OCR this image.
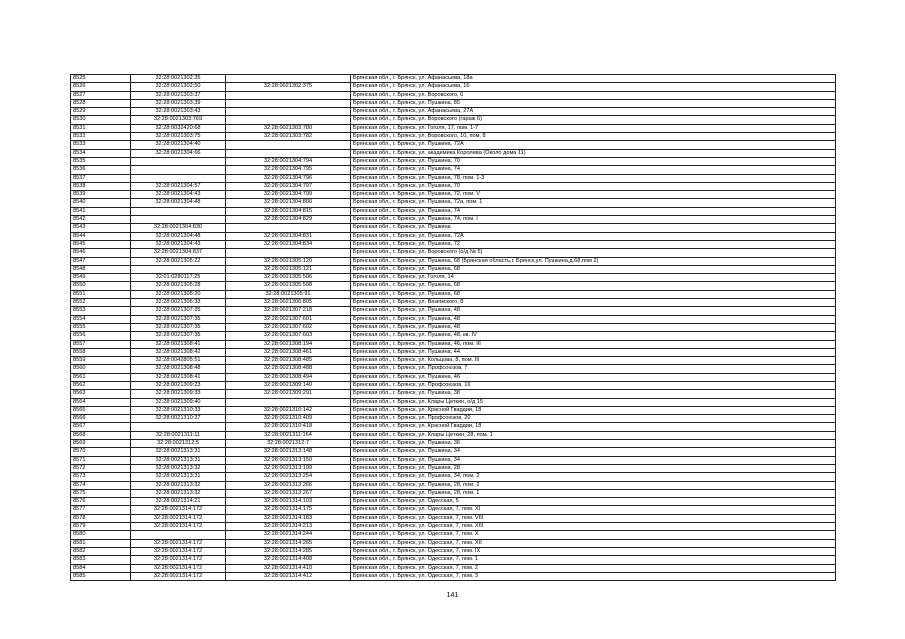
8525	32:28:0021302:35		Брянская обл., г. Брянск, ул. Афанасьева, 18а
8526	32:28:0021302:50	32:28:0021302:375	Брянская обл., г. Брянск, ул. Афанасьева, 16
8527	32:28:0021303:37		Брянская обл., г. Брянск, ул. Воровского, 6
8528	32:28:0021303:39		Брянская обл., г. Брянск, ул. Пушкина, 85
8529	32:28:0021303:43		Брянская обл., г. Брянск, ул. Афанасьева, 27А
8530	32:28:0021303:769		Брянская обл., г. Брянск, ул. Воровского (гараж 6)
8531	32:28:0032420:68	32:28:0021303:780	Брянская обл., г. Брянск, ул. Гоголя, 17, пом. 1-7
8532	32:28:0021303:75	32:28:0021303:782	Брянская обл., г. Брянск, ул. Воровского, 10, пом. 8
8533	32:28:0021304:40		Брянская обл., г. Брянск, ул. Пушкина, 72А
8534	32:28:0021304:66		Брянская обл., г. Брянск, ул. академика Королева (Около дома 11)
8535		32:28:0021304:794	Брянская обл., г. Брянск, ул. Пушкина, 70
8536		32:28:0021304:795	Брянская обл., г. Брянск, ул. Пушкина, 74
8537		32:28:0021304:796	Брянская обл., г. Брянск, ул. Пушкина, 78, пом. 1-3
8538	32:28:0021304:57	32:28:0021304:797	Брянская обл., г. Брянск, ул. Пушкина, 70
8539	32:28:0021304:43	32:28:0021304:799	Брянская обл., г. Брянск, ул. Пушкина, 72, пом. V
8540	32:28:0021304:48	32:28:0021304:800	Брянская обл., г. Брянск, ул. Пушкина, 72а, пом. 1
8541		32:28:0021304:815	Брянская обл., г. Брянск, ул. Пушкина, 74
8542		32:28:0021304:829	Брянская обл., г. Брянск, ул. Пушкина, 74, пом. I
8543	32:28:0021304:830		Брянская обл., г. Брянск, ул. Пушкина
8544	32:28:0021304:48	32:28:0021304:831	Брянская обл., г. Брянск, ул. Пушкина, 72А
8545	32:28:0021304:43	32:28:0021304:834	Брянская обл., г. Брянск, ул. Пушкина, 72
8546	32:28:0021304:837		Брянская обл., г. Брянск, ул. Воровского (о/д № 5)
8547	32:28:0021305:22	32:28:0021305:120	Брянская обл., г. Брянск, ул. Пушкина, 68 (Брянская область,г. Брянск,ул. Пушкина,д.68,пом 2)
8548		32:28:0021305:121	Брянская обл., г. Брянск, ул. Пушкина, 68
8549	32:01:0280117:25	32:28:0021305:506	Брянская обл., г. Брянск, ул. Гоголя, 14
8550	32:28:0021305:28	32:28:0021305:508	Брянская обл., г. Брянск, ул. Пушкина, 68
8551	32:28:0021305:20	32:28:0021305:91	Брянская обл., г. Брянск, ул. Пушкина, 68
8552	32:28:0021306:33	32:28:0021306:805	Брянская обл., г. Брянск, ул. Вяземского, 8
8553	32:28:0021307:35	32:28:0021307:218	Брянская обл., г. Брянск, ул. Пушкина, 48
8554	32:28:0021307:35	32:28:0021307:601	Брянская обл., г. Брянск, ул. Пушкина, 48
8555	32:28:0021307:35	32:28:0021307:602	Брянская обл., г. Брянск, ул. Пушкина, 48
8556	32:28:0021307:35	32:28:0021307:603	Брянская обл., г. Брянск, ул. Пушкина, 48, кв. IV
8557	32:28:0021308:41	32:28:0021308:194	Брянская обл., г. Брянск, ул. Пушкина, 46, пом. III
8558	32:28:0021308:42	32:28:0021308:461	Брянская обл., г. Брянск, ул. Пушкина, 44
8559	32:28:0042805:51	32:28:0021308:485	Брянская обл., г. Брянск, ул. Кольцова, 8, пом. III
8560	32:28:0021308:48	32:28:0021308:488	Брянская обл., г. Брянск, ул. Профсоюзов, 7
8561	32:28:0021308:41	32:28:0021308:494	Брянская обл., г. Брянск, ул. Пушкина, 46
8562	32:28:0021309:23	32:28:0021309:140	Брянская обл., г. Брянск, ул. Профсоюзов, 16
8563	32:28:0021309:33	32:28:0021309:291	Брянская обл., г. Брянск, ул. Пушкина, 38
8564	32:28:0021309:40		Брянская обл., г. Брянск, ул. Клары Цеткин, о/д 15
8565	32:28:0021310:33	32:28:0021310:142	Брянская обл., г. Брянск, ул. Красной Гвардии, 18
8566	32:28:0021310:37	32:28:0021310:409	Брянская обл., г. Брянск, ул. Профсоюзов, 20
8567		32:28:0021310:418	Брянская обл., г. Брянск, ул. Красной Гвардии, 18
8568	32:28:0021311:11	32:28:0021311:164	Брянская обл., г. Брянск, ул. Клары Цеткин, 28, пом. 1
8569	32:28:0021312:5	32:28:0021312:7	Брянская обл., г. Брянск, ул. Пушкина, 36
8570	32:28:0021313:31	32:28:0021313:148	Брянская обл., г. Брянск, ул. Пушкина, 34
8571	32:28:0021313:31	32:28:0021313:150	Брянская обл., г. Брянск, ул. Пушкина, 34
8572	32:28:0021313:32	32:28:0021313:199	Брянская обл., г. Брянск, ул. Пушкина, 28
8573	32:28:0021313:31	32:28:0021313:254	Брянская обл., г. Брянск, ул. Пушкина, 34, пом. 2
8574	32:28:0021313:32	32:28:0021313:266	Брянская обл., г. Брянск, ул. Пушкина, 28, пом. 2
8575	32:28:0021313:32	32:28:0021313:267	Брянская обл., г. Брянск, ул. Пушкина, 28, пом. 1
8576	32:28:0021314:21	32:28:0021314:103	Брянская обл., г. Брянск, ул. Одесская, 5
8577	32:28:0021314:172	32:28:0021314:175	Брянская обл., г. Брянск, ул. Одесская, 7, пом. XI
8578	32:28:0021314:172	32:28:0021314:183	Брянская обл., г. Брянск, ул. Одесская, 7, пом. VIII
8579	32:28:0021314:172	32:28:0021314:213	Брянская обл., г. Брянск, ул. Одесская, 7, пом. XIII
8580		32:28:0021314:244	Брянская обл., г. Брянск, ул. Одесская, 7, пом. X
8581	32:28:0021314:172	32:28:0021314:265	Брянская обл., г. Брянск, ул. Одесская, 7, пом. XII
8582	32:28:0021314:172	32:28:0021314:285	Брянская обл., г. Брянск, ул. Одесская, 7, пом. IX
8583	32:28:0021314:172	32:28:0021314:408	Брянская обл., г. Брянск, ул. Одесская, 7, пом. 1
8584	32:28:0021314:172	32:28:0021314:410	Брянская обл., г. Брянск, ул. Одесская, 7, пом. 2
8585	32:28:0021314:172	32:28:0021314:412	Брянская обл., г. Брянск, ул. Одесская, 7, пом. 3
141
